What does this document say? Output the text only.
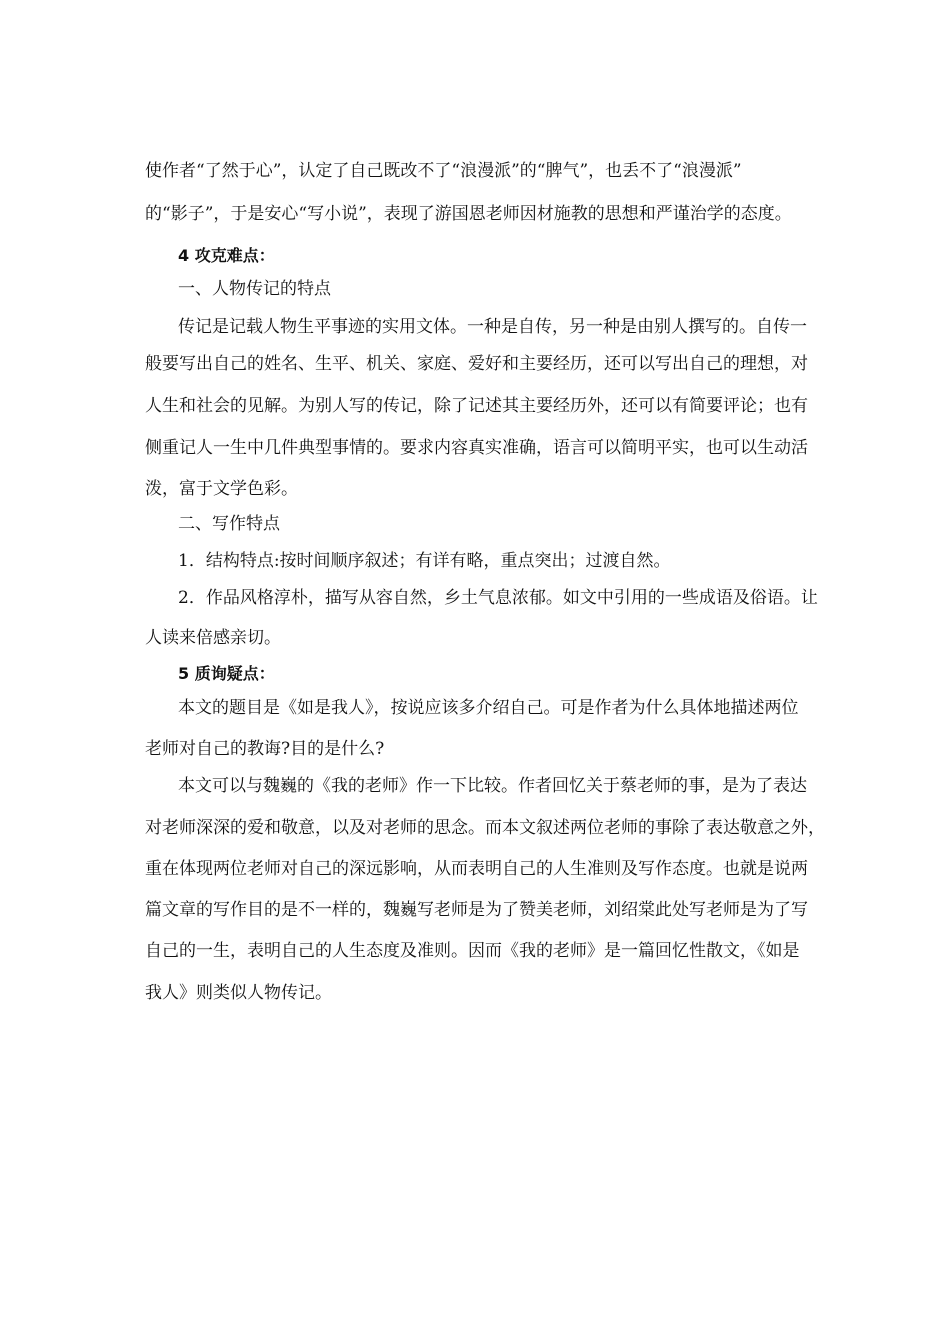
使作者“了然于心”，认定了自己既改不了“浪漫派”的“脾气”，也丢不了“浪漫派”
的“影子”，于是安心“写小说”，表现了游国恩老师因材施教的思想和严谨治学的态度。
4 攻克难点：
一、人物传记的特点
传记是记载人物生平事迹的实用文体。一种是自传，另一种是由别人撰写的。自传一
般要写出自己的姓名、生平、机关、家庭、爱好和主要经历，还可以写出自己的理想，对
人生和社会的见解。为别人写的传记，除了记述其主要经历外，还可以有简要评论；也有
侧重记人一生中几件典型事情的。要求内容真实准确，语言可以简明平实，也可以生动活
泼，富于文学色彩。
二、写作特点
1．结构特点:按时间顺序叙述；有详有略，重点突出；过渡自然。
2．作品风格淳朴，描写从容自然，乡土气息浓郁。如文中引用的一些成语及俗语。让
人读来倍感亲切。
5 质询疑点：
本文的题目是《如是我人》，按说应该多介绍自己。可是作者为什么具体地描述两位
老师对自己的教诲?目的是什么?
本文可以与魏巍的《我的老师》作一下比较。作者回忆关于蔡老师的事，是为了表达
对老师深深的爱和敬意，以及对老师的思念。而本文叙述两位老师的事除了表达敬意之外，
重在体现两位老师对自己的深远影响，从而表明自己的人生准则及写作态度。也就是说两
篇文章的写作目的是不一样的，魏巍写老师是为了赞美老师，刘绍棠此处写老师是为了写
自己的一生，表明自己的人生态度及准则。因而《我的老师》是一篇回忆性散文，《如是
我人》则类似人物传记。
